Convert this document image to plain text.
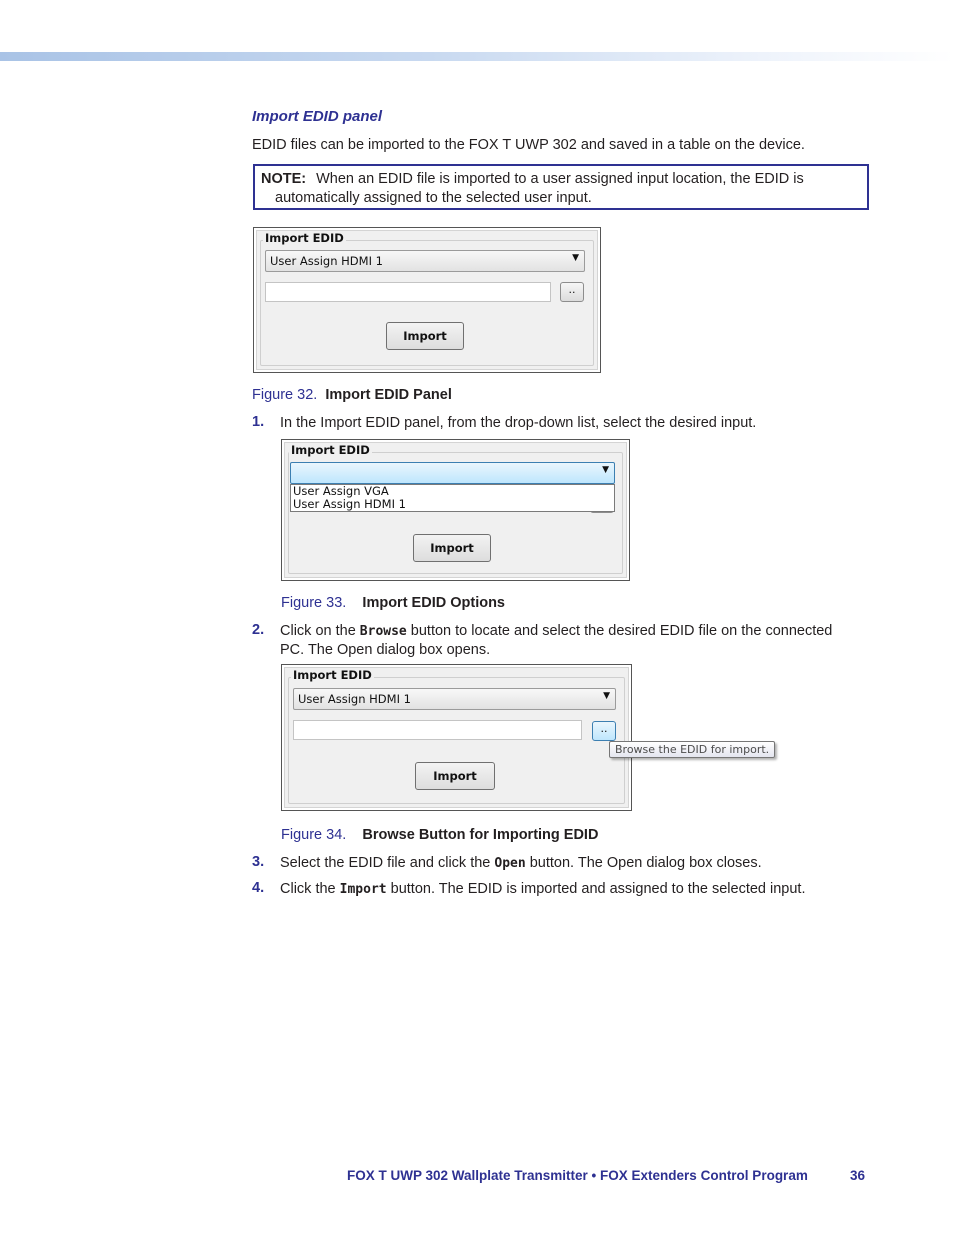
Import EDID panel
EDID files can be imported to the FOX T UWP 302 and saved in a table on the device.
NOTE: When an EDID file is imported to a user assigned input location, the EDID is
automatically assigned to the selected user input.
Import EDID
User Assign HDMI 1	▼
..
Import
Figure 32. Import EDID Panel
1. In the Import EDID panel, from the drop-down list, select the desired input.
Import EDID
▼
User Assign VGA
User Assign HDMI 1
Import
Figure 33. Import EDID Options
2. Click on the Browse button to locate and select the desired EDID file on the connected
PC. The Open dialog box opens.
Import EDID
User Assign HDMI 1	▼
..
Import
Browse the EDID for import.
Figure 34. Browse Button for Importing EDID
3. Select the EDID file and click the Open button. The Open dialog box closes.
4. Click the Import button. The EDID is imported and assigned to the selected input.
FOX T UWP 302 Wallplate Transmitter • FOX Extenders Control Program	36
